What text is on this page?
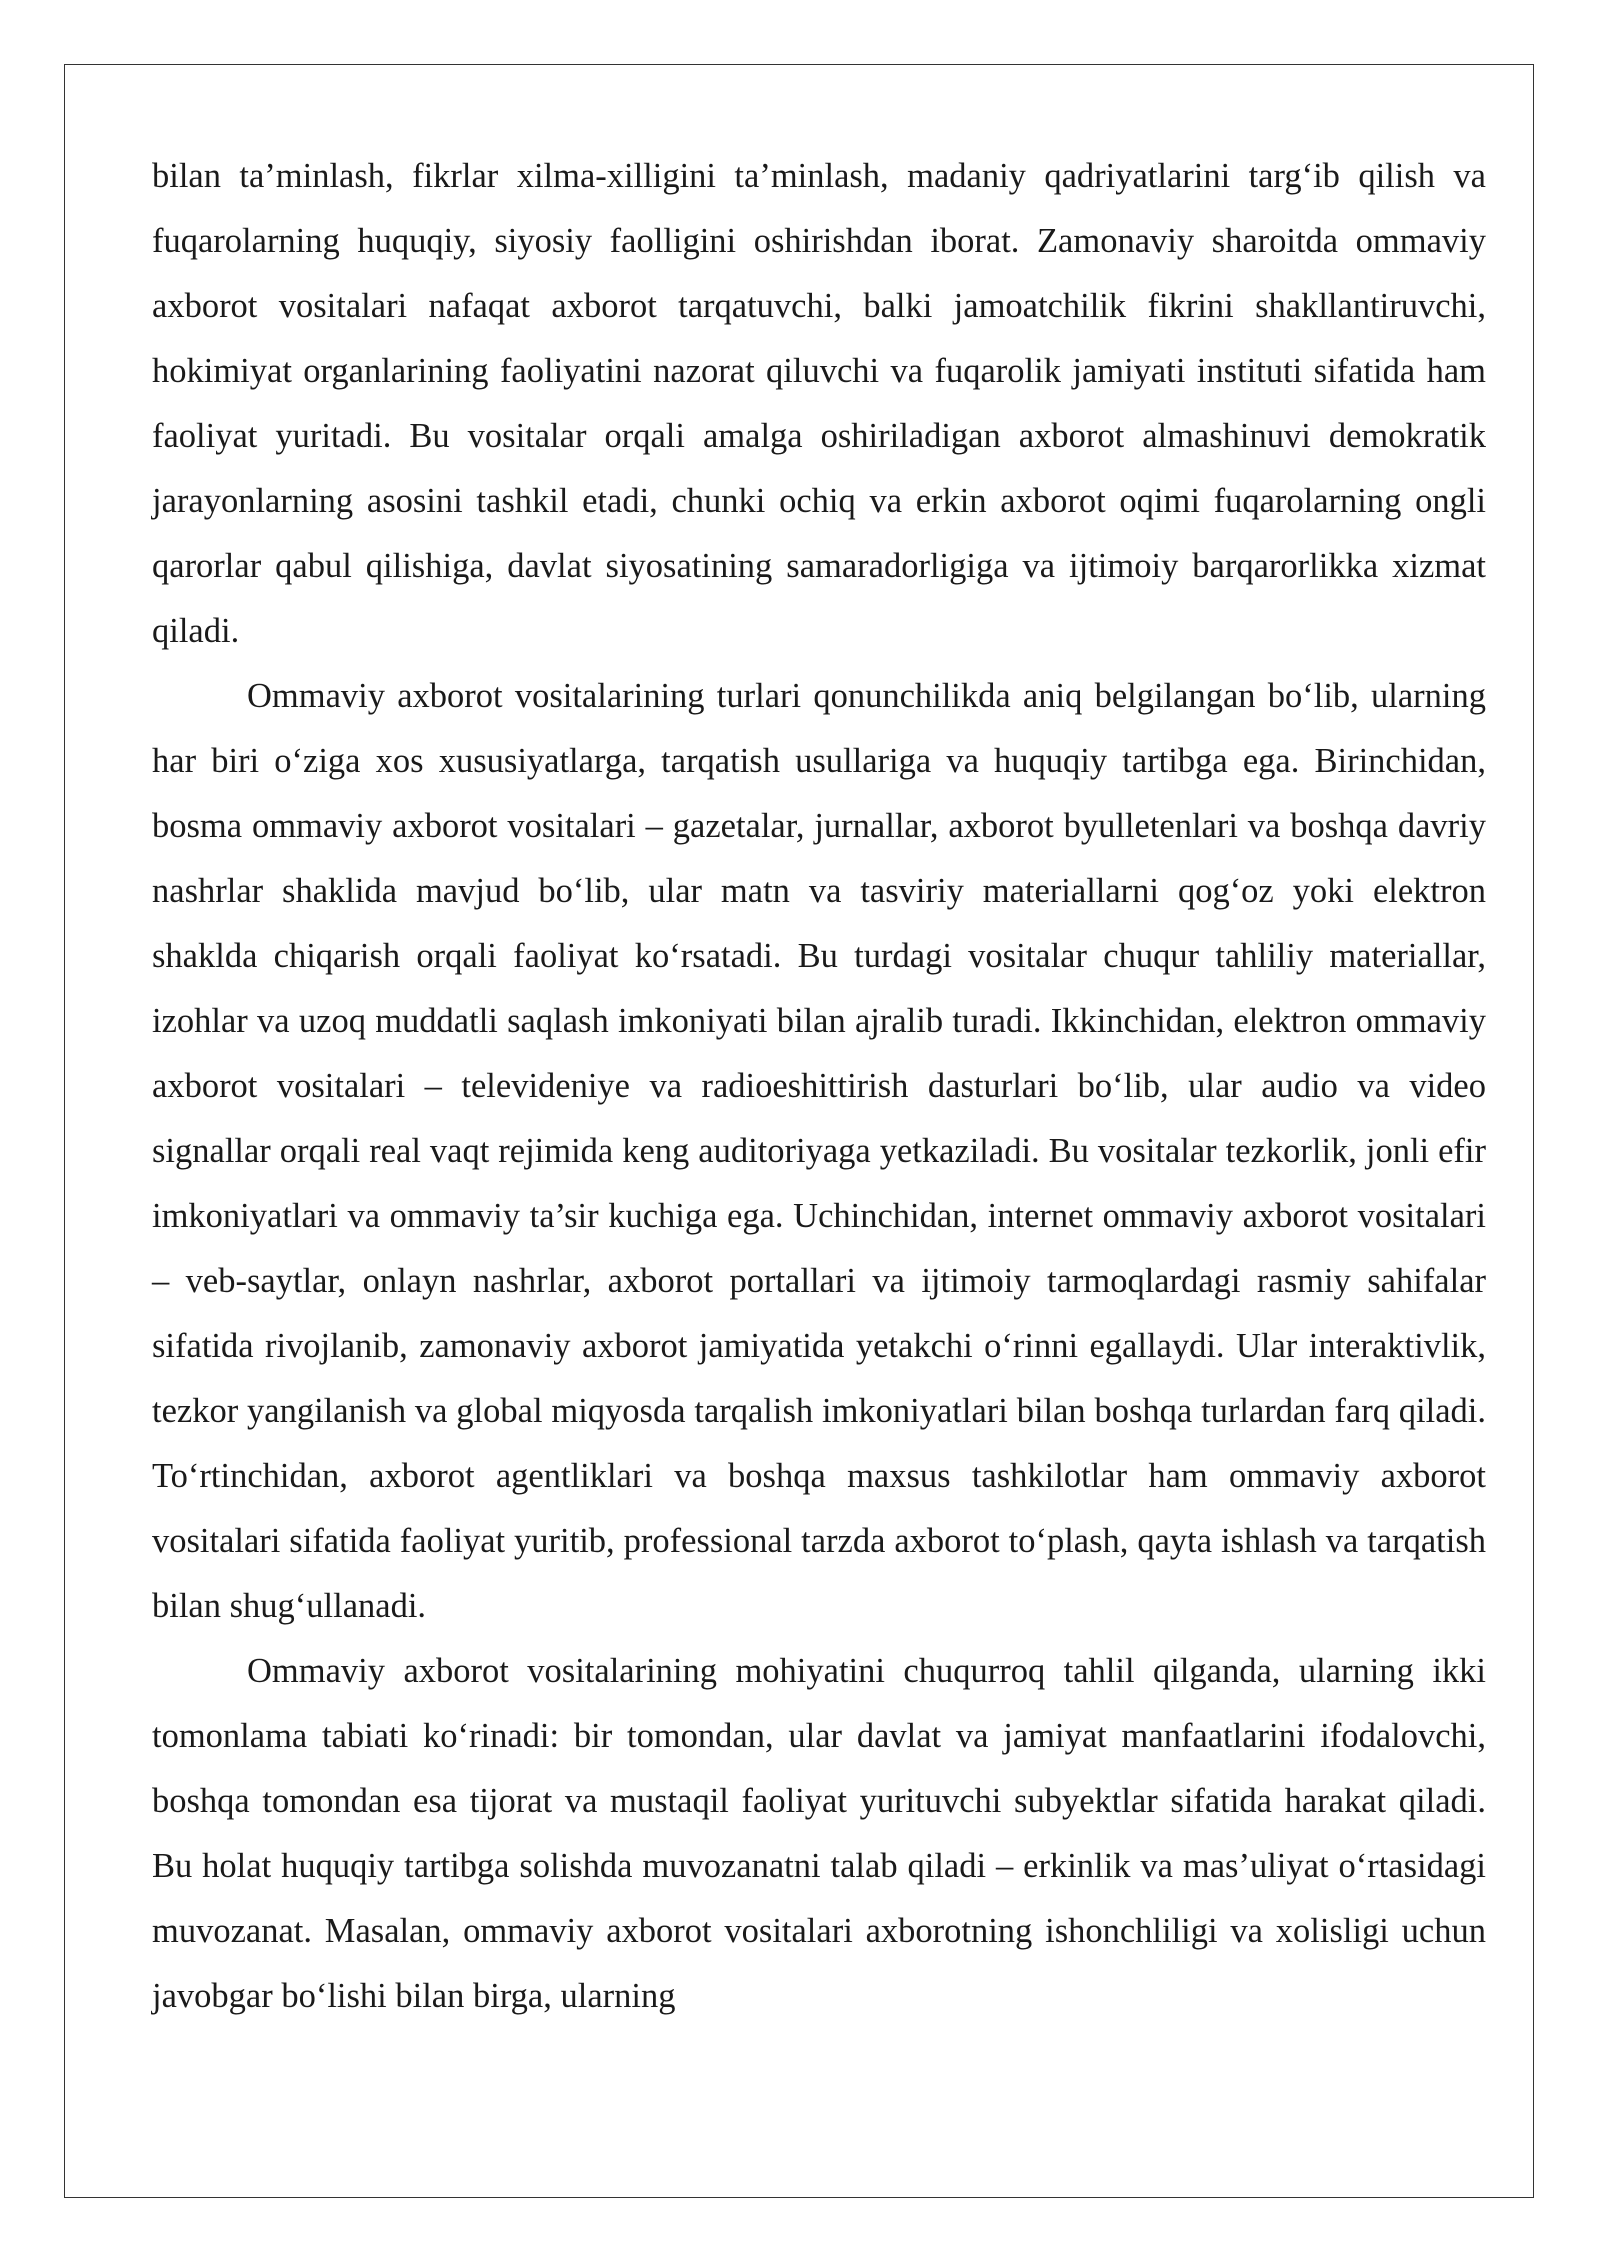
bilan ta’minlash, fikrlar xilma-xilligini ta’minlash, madaniy qadriyatlarini targ‘ib qilish va fuqarolarning huquqiy, siyosiy faolligini oshirishdan iborat. Zamonaviy sharoitda ommaviy axborot vositalari nafaqat axborot tarqatuvchi, balki jamoatchilik fikrini shakllantiruvchi, hokimiyat organlarining faoliyatini nazorat qiluvchi va fuqarolik jamiyati instituti sifatida ham faoliyat yuritadi. Bu vositalar orqali amalga oshiriladigan axborot almashinuvi demokratik jarayonlarning asosini tashkil etadi, chunki ochiq va erkin axborot oqimi fuqarolarning ongli qarorlar qabul qilishiga, davlat siyosatining samaradorligiga va ijtimoiy barqarorlikka xizmat qiladi.

Ommaviy axborot vositalarining turlari qonunchilikda aniq belgilangan bo‘lib, ularning har biri o‘ziga xos xususiyatlarga, tarqatish usullariga va huquqiy tartibga ega. Birinchidan, bosma ommaviy axborot vositalari – gazetalar, jurnallar, axborot byulletenlari va boshqa davriy nashrlar shaklida mavjud bo‘lib, ular matn va tasviriy materiallarni qog‘oz yoki elektron shaklda chiqarish orqali faoliyat ko‘rsatadi. Bu turdagi vositalar chuqur tahliliy materiallar, izohlar va uzoq muddatli saqlash imkoniyati bilan ajralib turadi. Ikkinchidan, elektron ommaviy axborot vositalari – televideniye va radioeshittirish dasturlari bo‘lib, ular audio va video signallar orqali real vaqt rejimida keng auditoriyaga yetkaziladi. Bu vositalar tezkorlik, jonli efir imkoniyatlari va ommaviy ta’sir kuchiga ega. Uchinchidan, internet ommaviy axborot vositalari – veb-saytlar, onlayn nashrlar, axborot portallari va ijtimoiy tarmoqlardagi rasmiy sahifalar sifatida rivojlanib, zamonaviy axborot jamiyatida yetakchi o‘rinni egallaydi. Ular interaktivlik, tezkor yangilanish va global miqyosda tarqalish imkoniyatlari bilan boshqa turlardan farq qiladi. To‘rtinchidan, axborot agentliklari va boshqa maxsus tashkilotlar ham ommaviy axborot vositalari sifatida faoliyat yuritib, professional tarzda axborot to‘plash, qayta ishlash va tarqatish bilan shug‘ullanadi.

Ommaviy axborot vositalarining mohiyatini chuqurroq tahlil qilganda, ularning ikki tomonlama tabiati ko‘rinadi: bir tomondan, ular davlat va jamiyat manfaatlarini ifodalovchi, boshqa tomondan esa tijorat va mustaqil faoliyat yurituvchi subyektlar sifatida harakat qiladi. Bu holat huquqiy tartibga solishda muvozanatni talab qiladi – erkinlik va mas’uliyat o‘rtasidagi muvozanat. Masalan, ommaviy axborot vositalari axborotning ishonchliligi va xolisligi uchun javobgar bo‘lishi bilan birga, ularning
